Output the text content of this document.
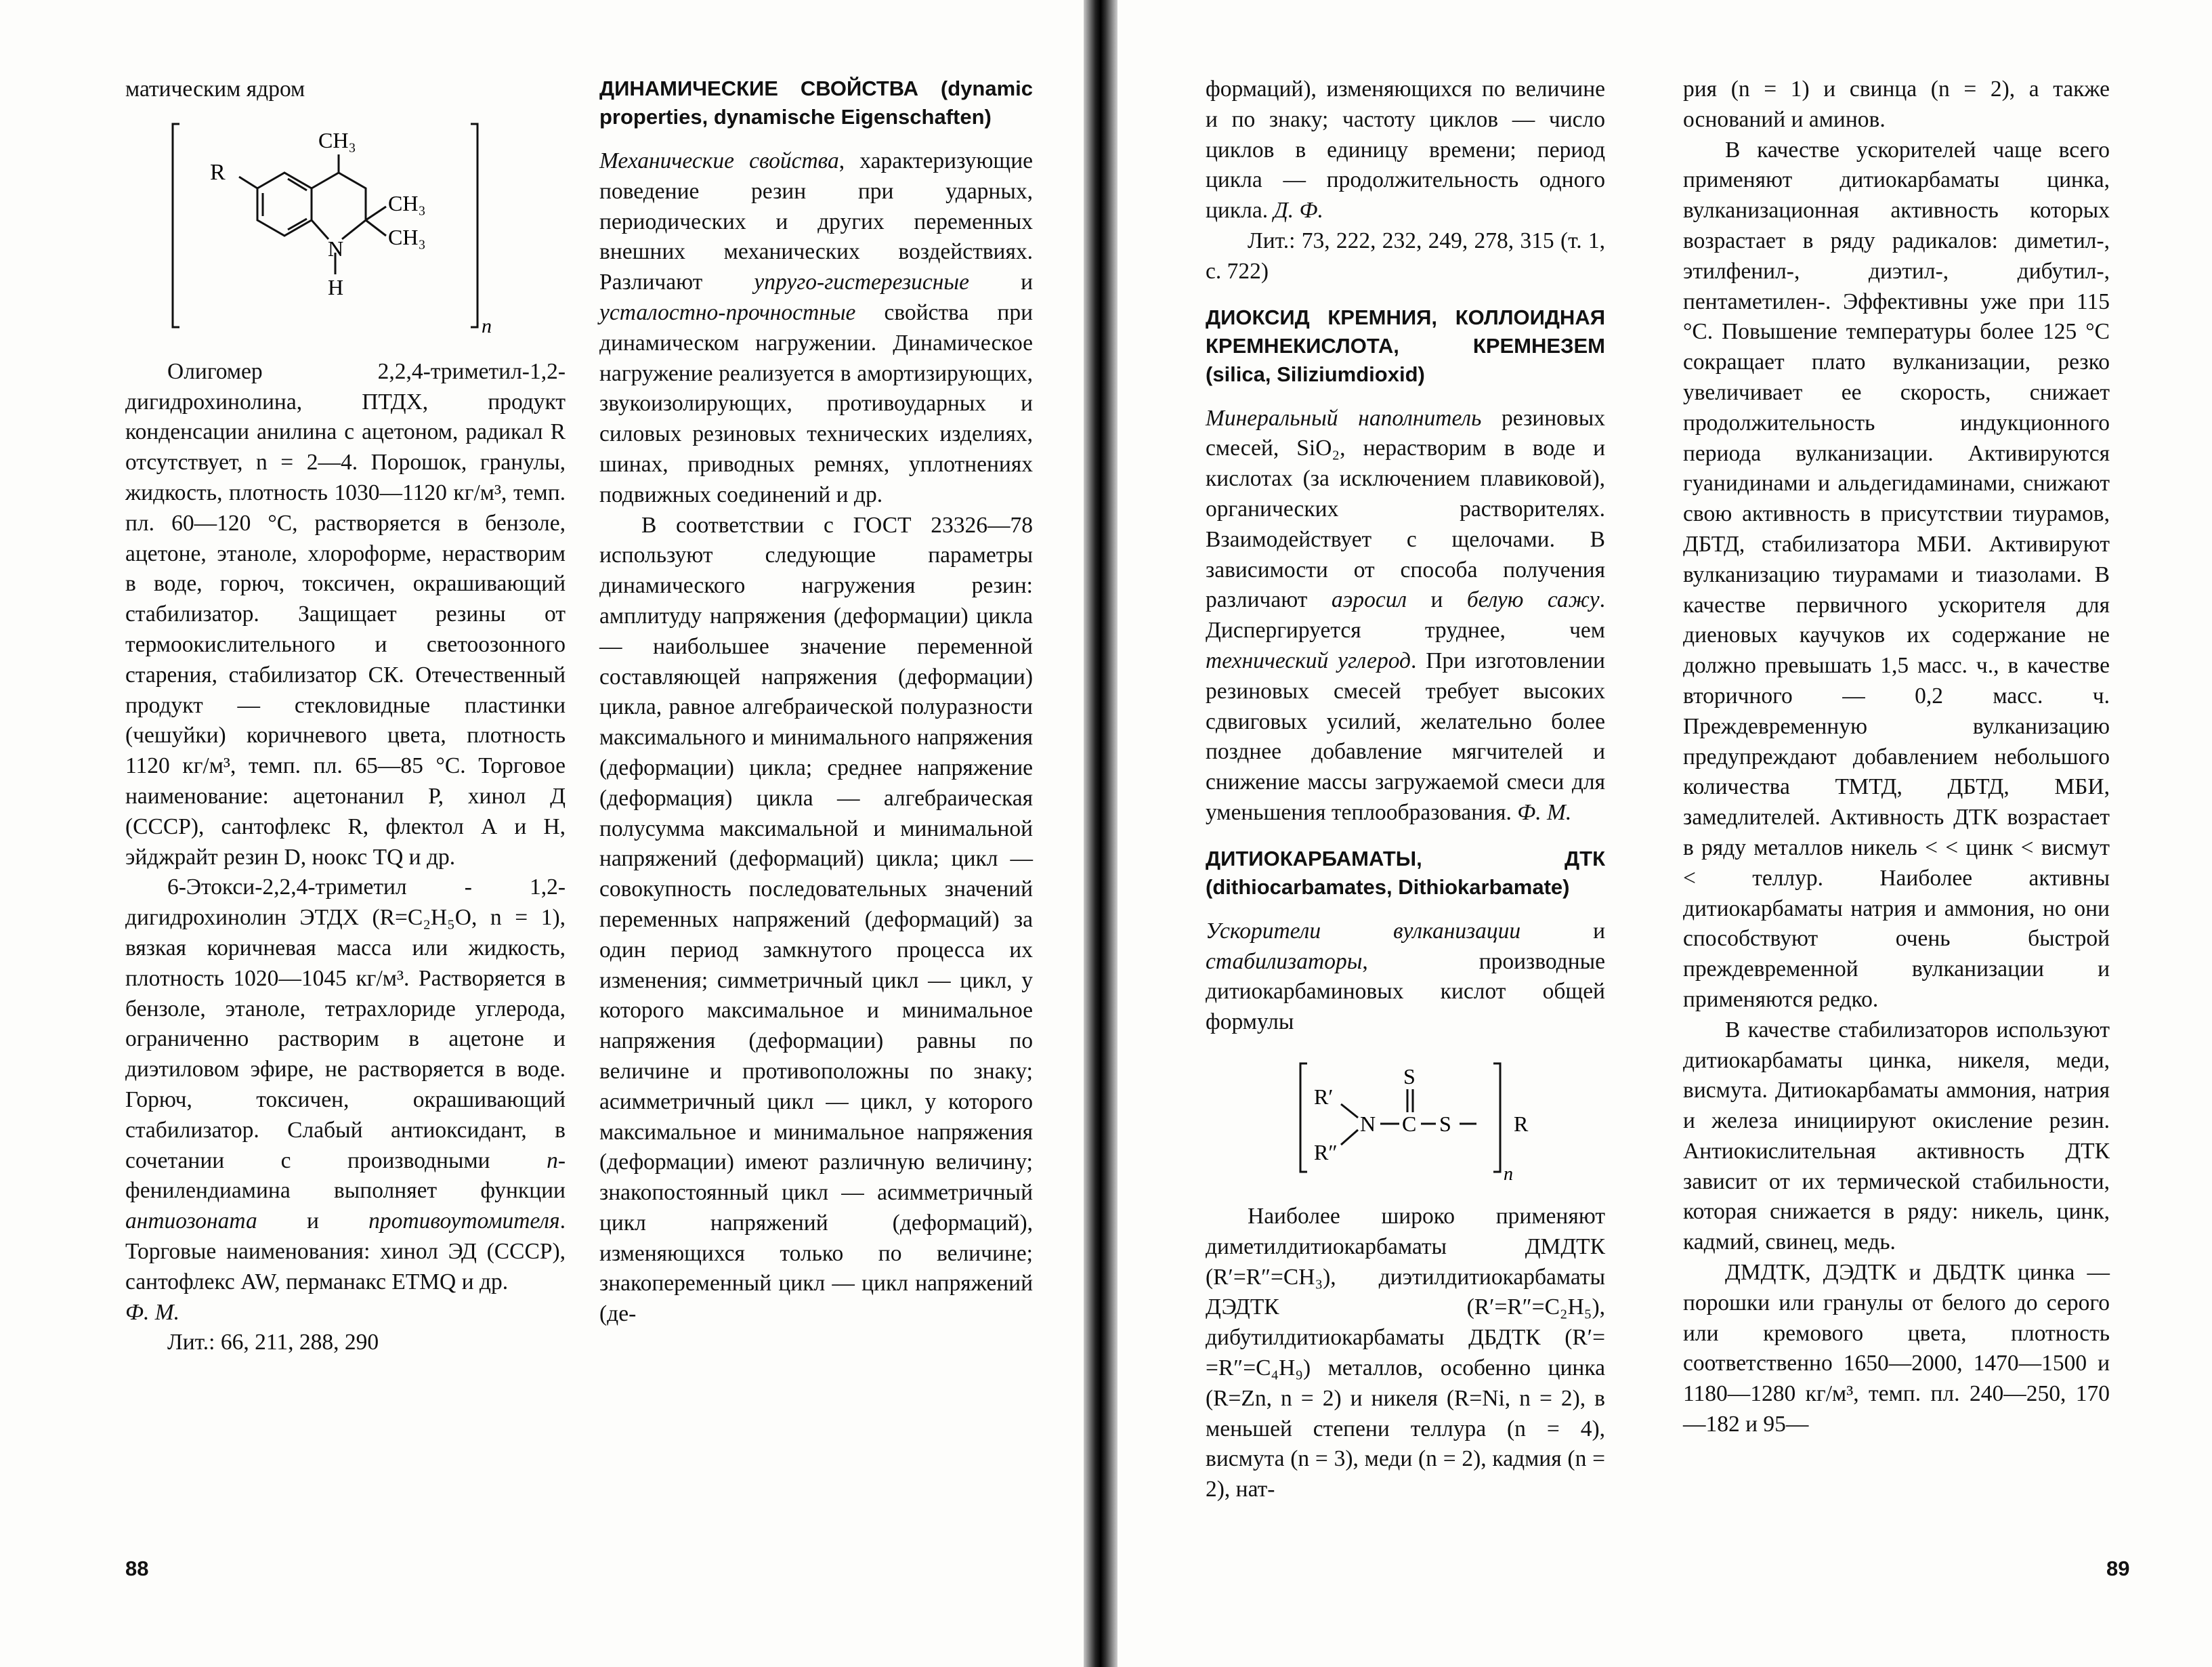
матическим ядром

R
CH₃
CH₃
CH₃
N
H
n

Олигомер 2,2,4-триметил-1,2-дигидрохинолина, ПТДХ, продукт конденсации анилина с ацетоном, радикал R отсутствует, n = 2—4. Порошок, гранулы, жидкость, плотность 1030—1120 кг/м³, темп. пл. 60—120 °С, растворяется в бензоле, ацетоне, этаноле, хлороформе, нерастворим в воде, горюч, токсичен, окрашивающий стабилизатор. Защищает резины от термоокислительного и светоозонного старения, стабилизатор СК. Отечественный продукт — стекловидные пластинки (чешуйки) коричневого цвета, плотность 1120 кг/м³, темп. пл. 65—85 °С. Торговое наименование: ацетонанил Р, хинол Д (СССР), сантофлекс R, флектол А и Н, эйджрайт резин D, ноокс TQ и др.

6-Этокси-2,2,4-триметил - 1,2-дигидрохинолин ЭТДХ (R=C₂H₅O, n = 1), вязкая коричневая масса или жидкость, плотность 1020—1045 кг/м³. Растворяется в бензоле, этаноле, тетрахлориде углерода, ограниченно растворим в ацетоне и диэтиловом эфире, не растворяется в воде. Горюч, токсичен, окрашивающий стабилизатор. Слабый антиоксидант, в сочетании с производными n-фенилендиамина выполняет функции антиозоната и противоутомителя. Торговые наименования: хинол ЭД (СССР), сантофлекс AW, перманакс ETMQ и др.

Ф. М.

Лит.: 66, 211, 288, 290

ДИНАМИЧЕСКИЕ СВОЙСТВА (dynamic properties, dynamische Eigenschaften)

Механические свойства, характеризующие поведение резин при ударных, периодических и других переменных внешних механических воздействиях. Различают упруго-гистерезисные и усталостно-прочностные свойства при динамическом нагружении. Динамическое нагружение реализуется в амортизирующих, звукоизолирующих, противоударных и силовых резиновых технических изделиях, шинах, приводных ремнях, уплотнениях подвижных соединений и др.

В соответствии с ГОСТ 23326—78 используют следующие параметры динамического нагружения резин: амплитуду напряжения (деформации) цикла — наибольшее значение переменной составляющей напряжения (деформации) цикла, равное алгебраической полуразности максимального и минимального напряжения (деформации) цикла; среднее напряжение (деформация) цикла — алгебраическая полусумма максимальной и минимальной напряжений (деформаций) цикла; цикл — совокупность последовательных значений переменных напряжений (деформаций) за один период замкнутого процесса их изменения; симметричный цикл — цикл, у которого максимальное и минимальное напряжения (деформации) равны по величине и противоположны по знаку; асимметричный цикл — цикл, у которого максимальное и минимальное напряжения (деформации) имеют различную величину; знакопостоянный цикл — асимметричный цикл напряжений (деформаций), изменяющихся только по величине; знакопеременный цикл — цикл напряжений (де-

88

формаций), изменяющихся по величине и по знаку; частоту циклов — число циклов в единицу времени; период цикла — продолжительность одного цикла. Д. Ф.

Лит.: 73, 222, 232, 249, 278, 315 (т. 1, с. 722)

ДИОКСИД КРЕМНИЯ, КОЛЛОИДНАЯ КРЕМНЕКИСЛОТА, КРЕМНЕЗЕМ (silica, Siliziumdioxid)

Минеральный наполнитель резиновых смесей, SiO₂, нерастворим в воде и кислотах (за исключением плавиковой), органических растворителях. Взаимодействует с щелочами. В зависимости от способа получения различают аэросил и белую сажу. Диспергируется труднее, чем технический углерод. При изготовлении резиновых смесей требует высоких сдвиговых усилий, желательно более позднее добавление мягчителей и снижение массы загружаемой смеси для уменьшения теплообразования. Ф. М.

ДИТИОКАРБАМАТЫ, ДТК (dithiocarbamates, Dithiokarbamate)

Ускорители вулканизации и стабилизаторы, производные дитиокарбаминовых кислот общей формулы

R′
R″
N C
S
S	R
n

Наиболее широко применяют диметилдитиокарбаматы ДМДТК (R′=R″=CH₃), диэтилдитиокарбаматы ДЭДТК (R′=R″=C₂H₅), дибутилдитиокарбаматы ДБДТК (R′= =R″=C₄H₉) металлов, особенно цинка (R=Zn, n = 2) и никеля (R=Ni, n = 2), в меньшей степени теллура (n = 4), висмута (n = 3), меди (n = 2), кадмия (n = 2), нат-

рия (n = 1) и свинца (n = 2), а также оснований и аминов.

В качестве ускорителей чаще всего применяют дитиокарбаматы цинка, вулканизационная активность которых возрастает в ряду радикалов: диметил-, этилфенил-, диэтил-, дибутил-, пентаметилен-. Эффективны уже при 115 °С. Повышение температуры более 125 °С сокращает плато вулканизации, резко увеличивает ее скорость, снижает продолжительность индукционного периода вулканизации. Активируются гуанидинами и альдегидаминами, снижают свою активность в присутствии тиурамов, ДБТД, стабилизатора МБИ. Активируют вулканизацию тиурамами и тиазолами. В качестве первичного ускорителя для диеновых каучуков их содержание не должно превышать 1,5 масс. ч., в качестве вторичного — 0,2 масс. ч. Преждевременную вулканизацию предупреждают добавлением небольшого количества ТМТД, ДБТД, МБИ, замедлителей. Активность ДТК возрастает в ряду металлов никель < < цинк < висмут < теллур. Наиболее активны дитиокарбаматы натрия и аммония, но они способствуют очень быстрой преждевременной вулканизации и применяются редко.

В качестве стабилизаторов используют дитиокарбаматы цинка, никеля, меди, висмута. Дитиокарбаматы аммония, натрия и железа инициируют окисление резин. Антиокислительная активность ДТК зависит от их термической стабильности, которая снижается в ряду: никель, цинк, кадмий, свинец, медь.

ДМДТК, ДЭДТК и ДБДТК цинка — порошки или гранулы от белого до серого или кремового цвета, плотность соответственно 1650—2000, 1470—1500 и 1180—1280 кг/м³, темп. пл. 240—250, 170—182 и 95—

89
